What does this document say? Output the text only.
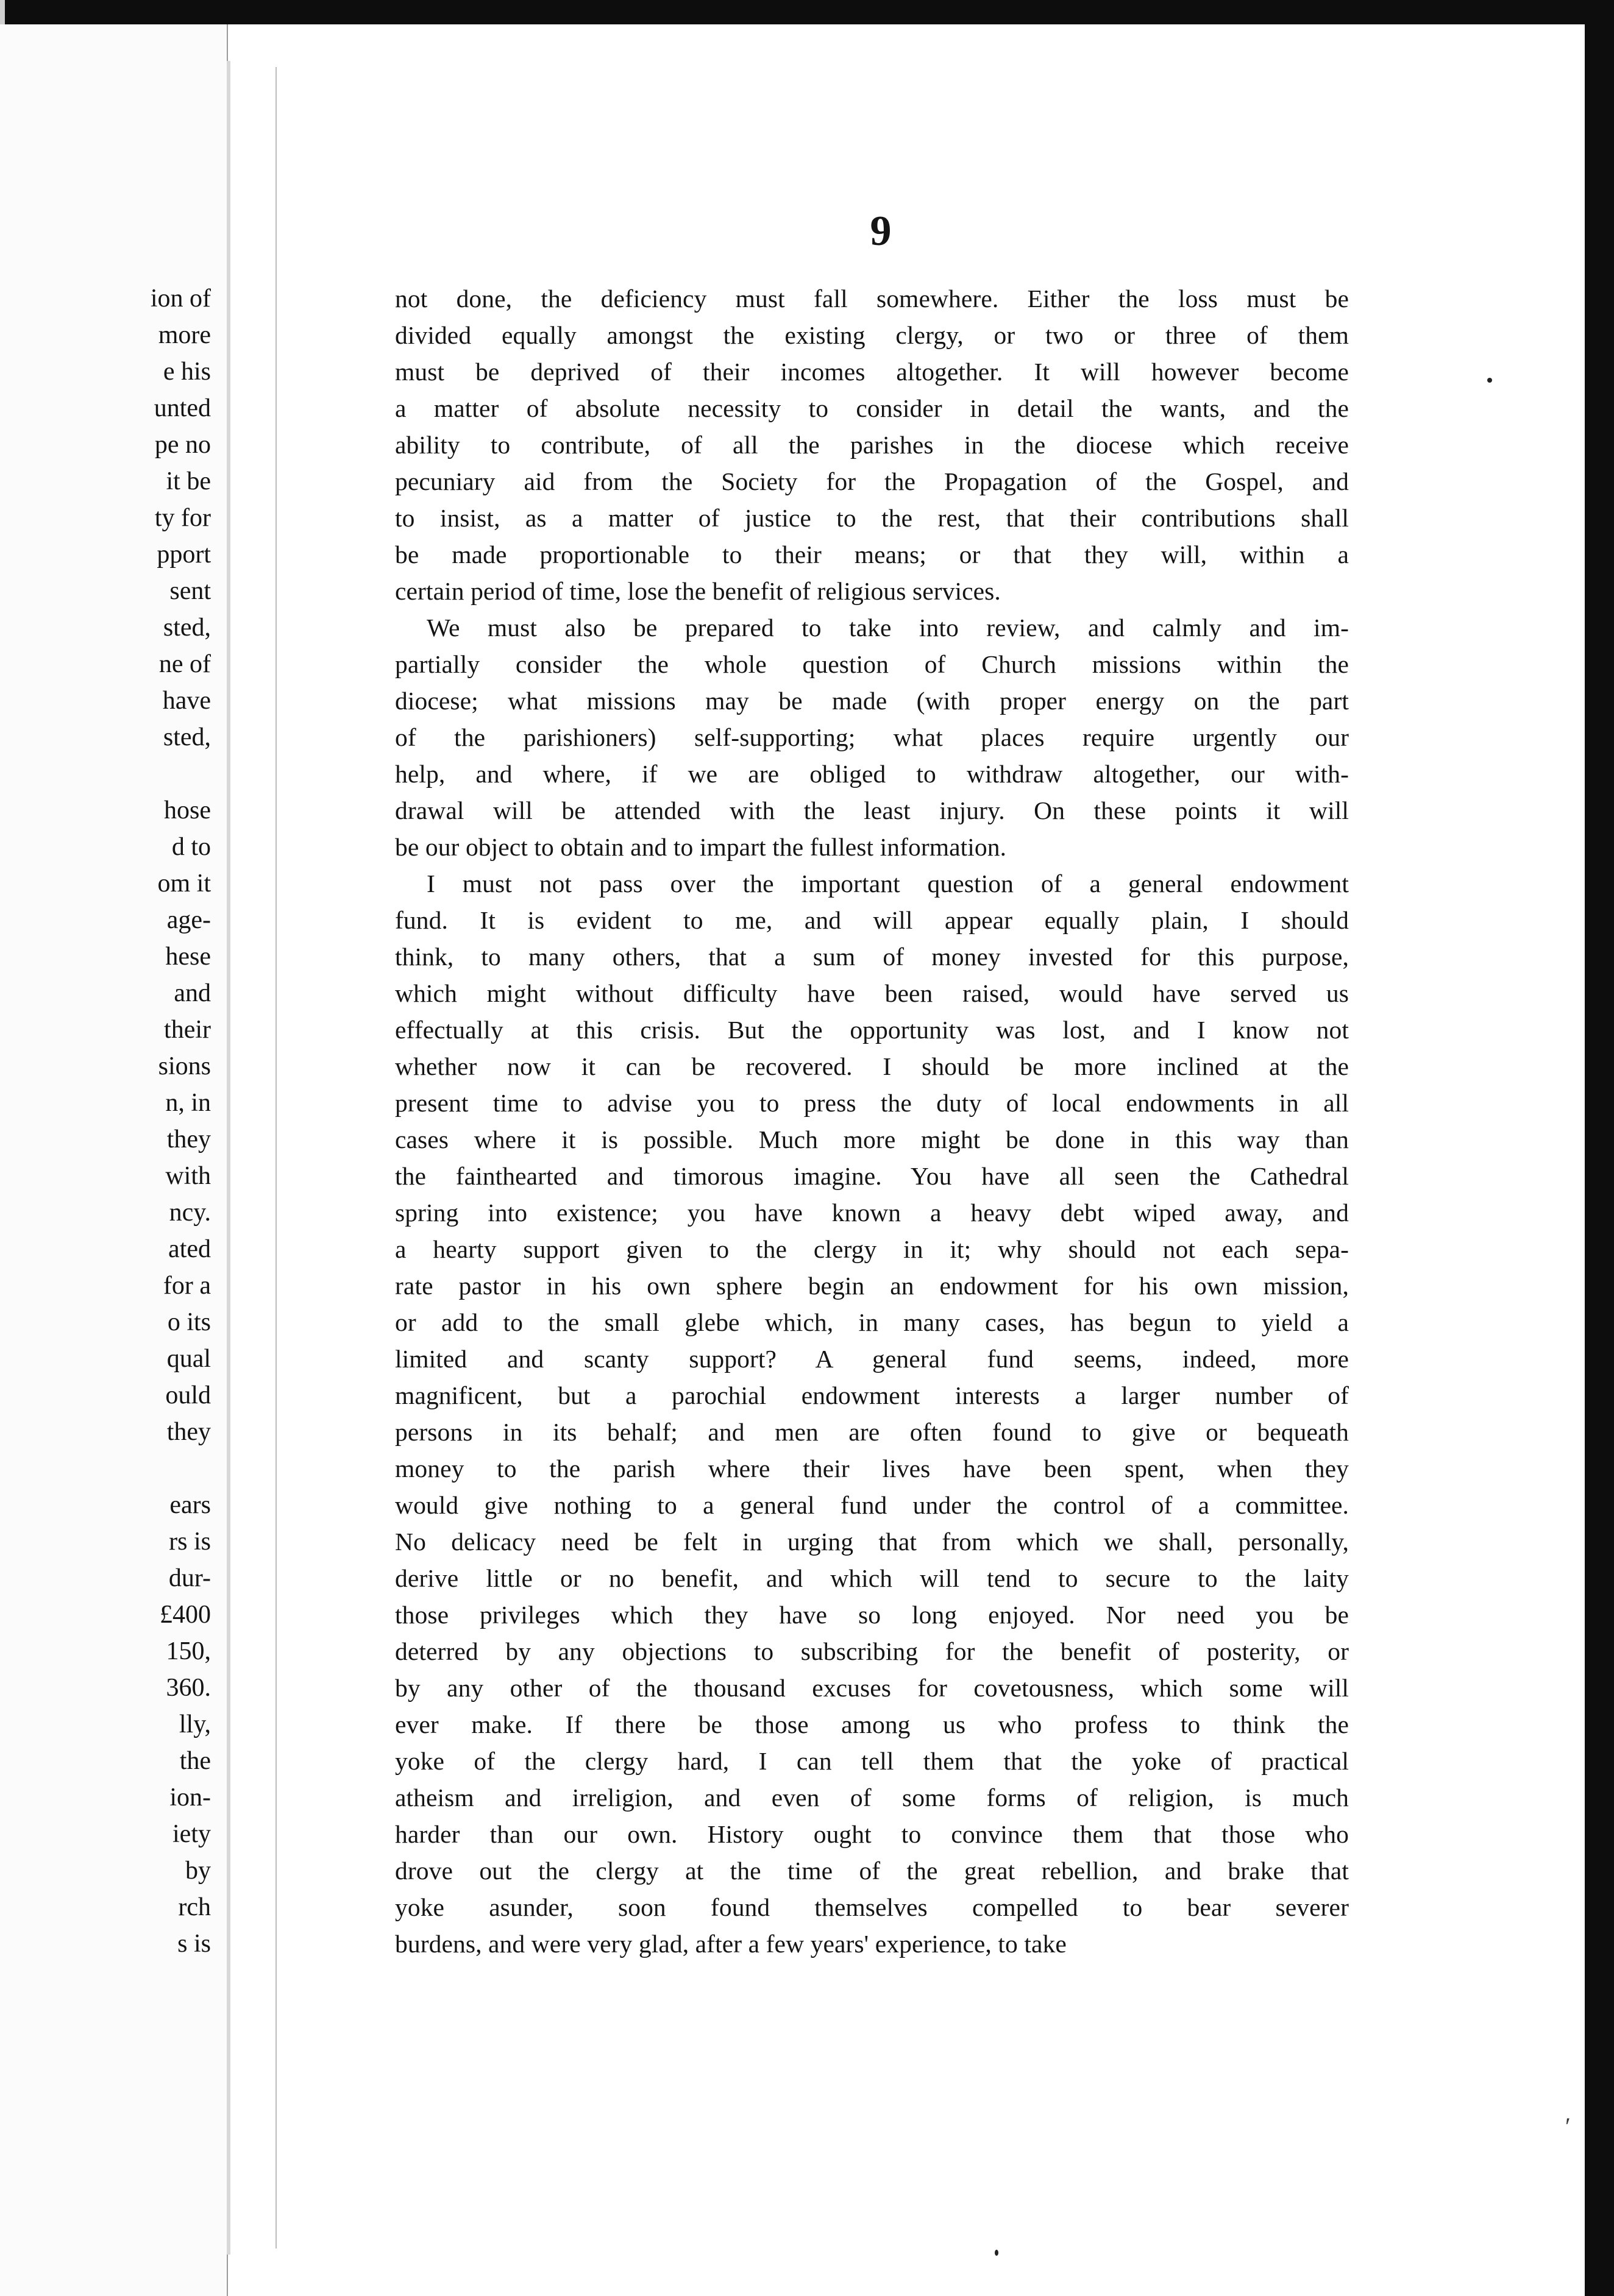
ion of
more
e his
unted
pe no
it be
ty for
pport
sent
sted,
ne of
have
sted,
hose
d to
om it
age-
hese
and
their
sions
n, in
they
with
ncy.
ated
for a
o its
qual
ould
they
ears
rs is
dur-
£400
150,
360.
lly,
the
ion-
iety
by
rch
s is
9
not done, the deficiency must fall somewhere. Either the loss must be
divided equally amongst the existing clergy, or two or three of them
must be deprived of their incomes altogether. It will however become
a matter of absolute necessity to consider in detail the wants, and the
ability to contribute, of all the parishes in the diocese which receive
pecuniary aid from the Society for the Propagation of the Gospel, and
to insist, as a matter of justice to the rest, that their contributions shall
be made proportionable to their means; or that they will, within a
certain period of time, lose the benefit of religious services.
We must also be prepared to take into review, and calmly and im-
partially consider the whole question of Church missions within the
diocese; what missions may be made (with proper energy on the part
of the parishioners) self-supporting; what places require urgently our
help, and where, if we are obliged to withdraw altogether, our with-
drawal will be attended with the least injury. On these points it will
be our object to obtain and to impart the fullest information.
I must not pass over the important question of a general endowment
fund. It is evident to me, and will appear equally plain, I should
think, to many others, that a sum of money invested for this purpose,
which might without difficulty have been raised, would have served us
effectually at this crisis. But the opportunity was lost, and I know not
whether now it can be recovered. I should be more inclined at the
present time to advise you to press the duty of local endowments in all
cases where it is possible. Much more might be done in this way than
the fainthearted and timorous imagine. You have all seen the Cathedral
spring into existence; you have known a heavy debt wiped away, and
a hearty support given to the clergy in it; why should not each sepa-
rate pastor in his own sphere begin an endowment for his own mission,
or add to the small glebe which, in many cases, has begun to yield a
limited and scanty support? A general fund seems, indeed, more
magnificent, but a parochial endowment interests a larger number of
persons in its behalf; and men are often found to give or bequeath
money to the parish where their lives have been spent, when they
would give nothing to a general fund under the control of a committee.
No delicacy need be felt in urging that from which we shall, personally,
derive little or no benefit, and which will tend to secure to the laity
those privileges which they have so long enjoyed. Nor need you be
deterred by any objections to subscribing for the benefit of posterity, or
by any other of the thousand excuses for covetousness, which some will
ever make. If there be those among us who profess to think the
yoke of the clergy hard, I can tell them that the yoke of practical
atheism and irreligion, and even of some forms of religion, is much
harder than our own. History ought to convince them that those who
drove out the clergy at the time of the great rebellion, and brake that
yoke asunder, soon found themselves compelled to bear severer
burdens, and were very glad, after a few years' experience, to take
′
